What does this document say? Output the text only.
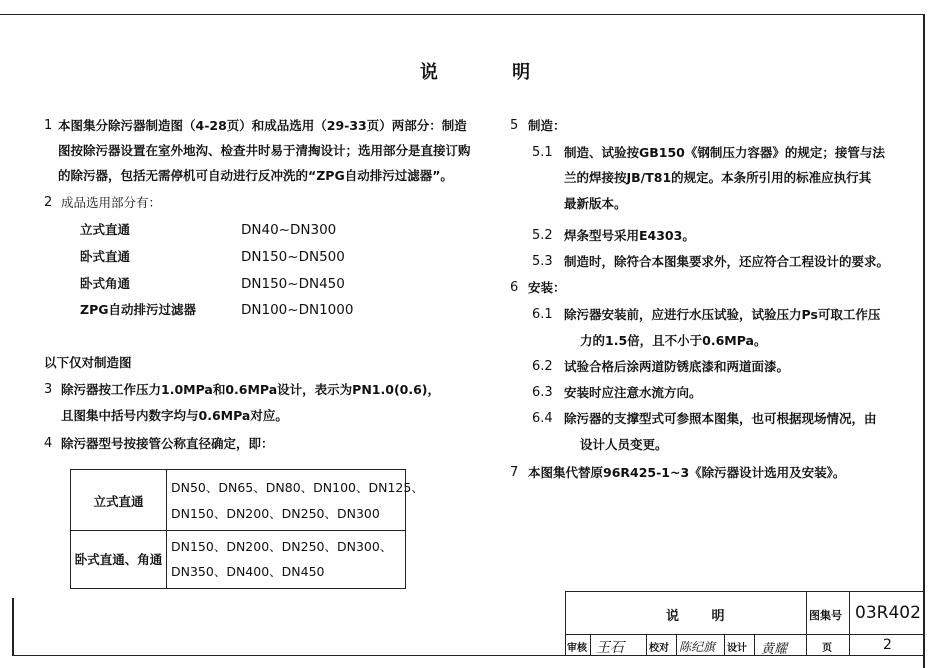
说 明
1 本图集分除污器制造图（4-28页）和成品选用（29-33页）两部分：制造
图按除污器设置在室外地沟、检查井时易于清掏设计；选用部分是直接订购
的除污器，包括无需停机可自动进行反冲洗的“ZPG自动排污过滤器”。
2 成品选用部分有：
立式直通	DN40~DN300
卧式直通	DN150~DN500
卧式角通	DN150~DN450
ZPG自动排污过滤器	DN100~DN1000
以下仅对制造图
3 除污器按工作压力1.0MPa和0.6MPa设计，表示为PN1.0(0.6)，
且图集中括号内数字均与0.6MPa对应。
4 除污器型号按接管公称直径确定，即：
立式直通
DN50、DN65、DN80、DN100、DN125、
DN150、DN200、DN250、DN300
卧式直通、角通
DN150、DN200、DN250、DN300、
DN350、DN400、DN450
5 制造：
5.1 制造、试验按GB150《钢制压力容器》的规定；接管与法
兰的焊接按JB/T81的规定。本条所引用的标准应执行其
最新版本。
5.2 焊条型号采用E4303。
5.3 制造时，除符合本图集要求外，还应符合工程设计的要求。
6 安装：
6.1 除污器安装前，应进行水压试验，试验压力Ps可取工作压
力的1.5倍，且不小于0.6MPa。
6.2 试验合格后涂两道防锈底漆和两道面漆。
6.3 安装时应注意水流方向。
6.4 除污器的支撑型式可参照本图集，也可根据现场情况，由
设计人员变更。
7 本图集代替原96R425-1~3《除污器设计选用及安装》。
说 明	图集号 03R402
审核 王石	校对 陈纪旗 设计 黄耀	页	2
